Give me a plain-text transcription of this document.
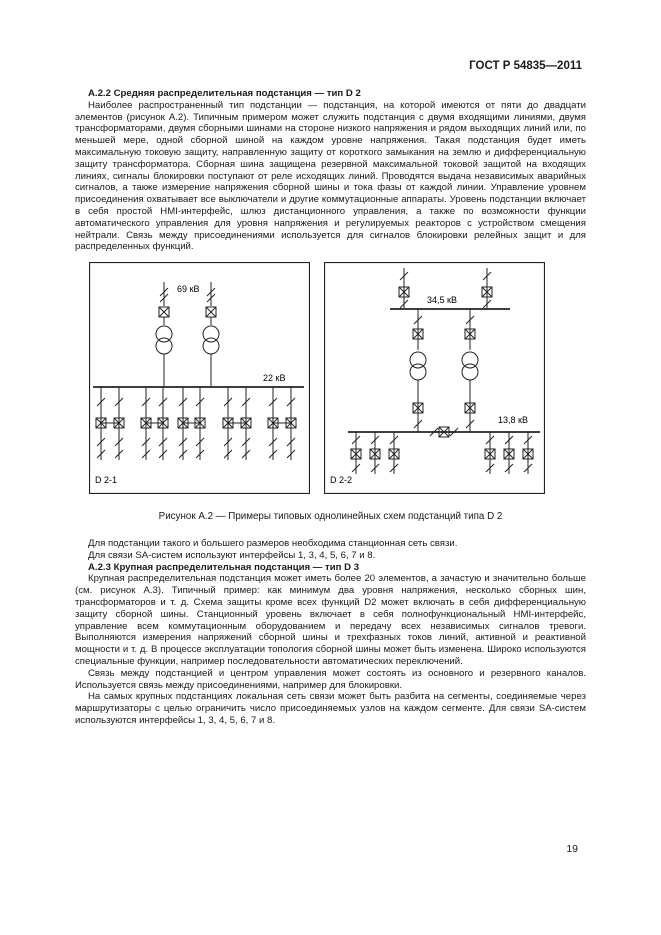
ГОСТ Р 54835—2011
А.2.2 Средняя распределительная подстанция — тип D 2

Наиболее распространенный тип подстанции — подстанция, на которой имеются от пяти до двадцати элементов (рисунок А.2). Типичным примером может служить подстанция с двумя входящими линиями, двумя трансформаторами, двумя сборными шинами на стороне низкого напряжения и рядом выходящих линий или, по меньшей мере, одной сборной шиной на каждом уровне напряжения. Такая подстанция будет иметь максимальную токовую защиту, направленную защиту от короткого замыкания на землю и дифференциальную защиту трансформатора. Сборная шина защищена резервной максимальной токовой защитой на входящих линиях, сигналы блокировки поступают от реле исходящих линий. Проводятся выдача независимых аварийных сигналов, а также измерение напряжения сборной шины и тока фазы от каждой линии. Управление уровнем присоединения охватывает все выключатели и другие коммутационные аппараты. Уровень подстанции включает в себя простой HMI-интерфейс, шлюз дистанционного управления, а также по возможности функции автоматического управления для уровня напряжения и регулируемых реакторов с устройством смещения нейтрали. Связь между присоединениями используется для сигналов блокировки релейных защит и для распределенных функций.

69 кВ
22 кВ
D 2-1
34,5 кВ
13,8 кВ
D 2-2
Рисунок А.2 — Примеры типовых однолинейных схем подстанций типа D 2

Для подстанции такого и большего размеров необходима станционная сеть связи.

Для связи SA-систем используют интерфейсы 1, 3, 4, 5, 6, 7 и 8.

А.2.3 Крупная распределительная подстанция — тип D 3

Крупная распределительная подстанция может иметь более 20 элементов, а зачастую и значительно больше (см. рисунок А.3). Типичный пример: как минимум два уровня напряжения, несколько сборных шин, трансформаторов и т. д. Схема защиты кроме всех функций D2 может включать в себя дифференциальную защиту сборной шины. Станционный уровень включает в себя полнофункциональный HMI-интерфейс, управление всем коммутационным оборудованием и передачу всех независимых сигналов тревоги. Выполняются измерения напряжений сборной шины и трехфазных токов линий, активной и реактивной мощности и т. д. В процессе эксплуатации топология сборной шины может быть изменена. Широко используются специальные функции, например последовательности автоматических переключений.

Связь между подстанцией и центром управления может состоять из основного и резервного каналов. Используется связь между присоединениями, например для блокировки.

На самых крупных подстанциях локальная сеть связи может быть разбита на сегменты, соединяемые через маршрутизаторы с целью ограничить число присоединяемых узлов на каждом сегменте. Для связи SA-систем используются интерфейсы 1, 3, 4, 5, 6, 7 и 8.

19
